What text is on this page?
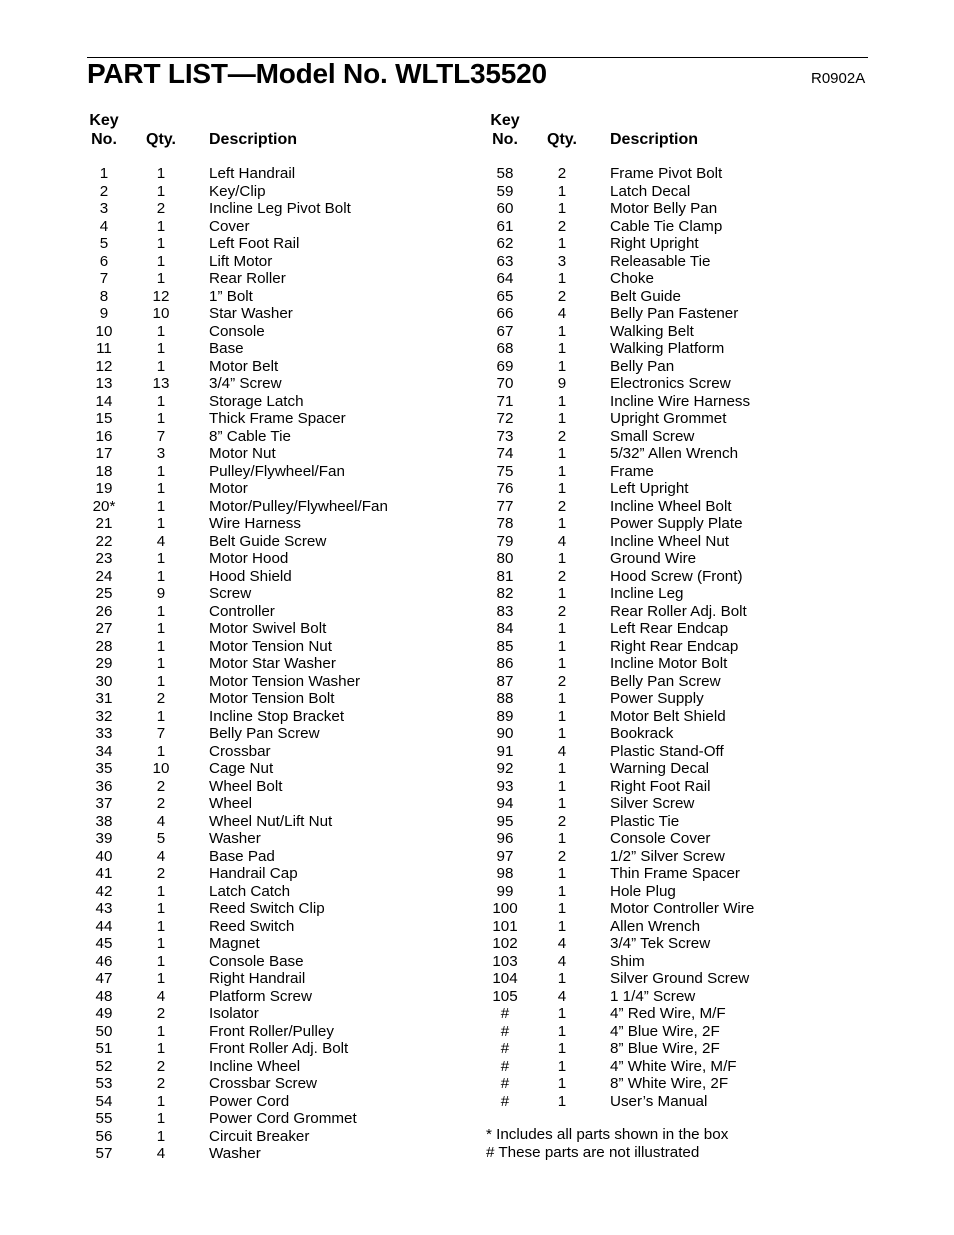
PART LIST—Model No. WLTL35520	R0902A
Key
No.	Qty. Description
1	1	Left Handrail
2	1	Key/Clip
3	2	Incline Leg Pivot Bolt
4	1	Cover
5	1	Left Foot Rail
6	1	Lift Motor
7	1	Rear Roller
8	12	1” Bolt
9	10	Star Washer
10	1	Console
11	1	Base
12	1	Motor Belt
13	13	3/4” Screw
14	1	Storage Latch
15	1	Thick Frame Spacer
16	7	8” Cable Tie
17	3	Motor Nut
18	1	Pulley/Flywheel/Fan
19	1	Motor
20*	1	Motor/Pulley/Flywheel/Fan
21	1	Wire Harness
22	4	Belt Guide Screw
23	1	Motor Hood
24	1	Hood Shield
25	9	Screw
26	1	Controller
27	1	Motor Swivel Bolt
28	1	Motor Tension Nut
29	1	Motor Star Washer
30	1	Motor Tension Washer
31	2	Motor Tension Bolt
32	1	Incline Stop Bracket
33	7	Belly Pan Screw
34	1	Crossbar
35	10	Cage Nut
36	2	Wheel Bolt
37	2	Wheel
38	4	Wheel Nut/Lift Nut
39	5	Washer
40	4	Base Pad
41	2	Handrail Cap
42	1	Latch Catch
43	1	Reed Switch Clip
44	1	Reed Switch
45	1	Magnet
46	1	Console Base
47	1	Right Handrail
48	4	Platform Screw
49	2	Isolator
50	1	Front Roller/Pulley
51	1	Front Roller Adj. Bolt
52	2	Incline Wheel
53	2	Crossbar Screw
54	1	Power Cord
55	1	Power Cord Grommet
56	1	Circuit Breaker
57	4	Washer
Key
No.	Qty. Description
58	2	Frame Pivot Bolt
59	1	Latch Decal
60	1	Motor Belly Pan
61	2	Cable Tie Clamp
62	1	Right Upright
63	3	Releasable Tie
64	1	Choke
65	2	Belt Guide
66	4	Belly Pan Fastener
67	1	Walking Belt
68	1	Walking Platform
69	1	Belly Pan
70	9	Electronics Screw
71	1	Incline Wire Harness
72	1	Upright Grommet
73	2	Small Screw
74	1	5/32” Allen Wrench
75	1	Frame
76	1	Left Upright
77	2	Incline Wheel Bolt
78	1	Power Supply Plate
79	4	Incline Wheel Nut
80	1	Ground Wire
81	2	Hood Screw (Front)
82	1	Incline Leg
83	2	Rear Roller Adj. Bolt
84	1	Left Rear Endcap
85	1	Right Rear Endcap
86	1	Incline Motor Bolt
87	2	Belly Pan Screw
88	1	Power Supply
89	1	Motor Belt Shield
90	1	Bookrack
91	4	Plastic Stand-Off
92	1	Warning Decal
93	1	Right Foot Rail
94	1	Silver Screw
95	2	Plastic Tie
96	1	Console Cover
97	2	1/2” Silver Screw
98	1	Thin Frame Spacer
99	1	Hole Plug
100	1	Motor Controller Wire
101	1	Allen Wrench
102	4	3/4” Tek Screw
103	4	Shim
104	1	Silver Ground Screw
105	4	1 1/4” Screw
#	1	4” Red Wire, M/F
#	1	4” Blue Wire, 2F
#	1	8” Blue Wire, 2F
#	1	4” White Wire, M/F
#	1	8” White Wire, 2F
#	1	User’s Manual
* Includes all parts shown in the box
# These parts are not illustrated
